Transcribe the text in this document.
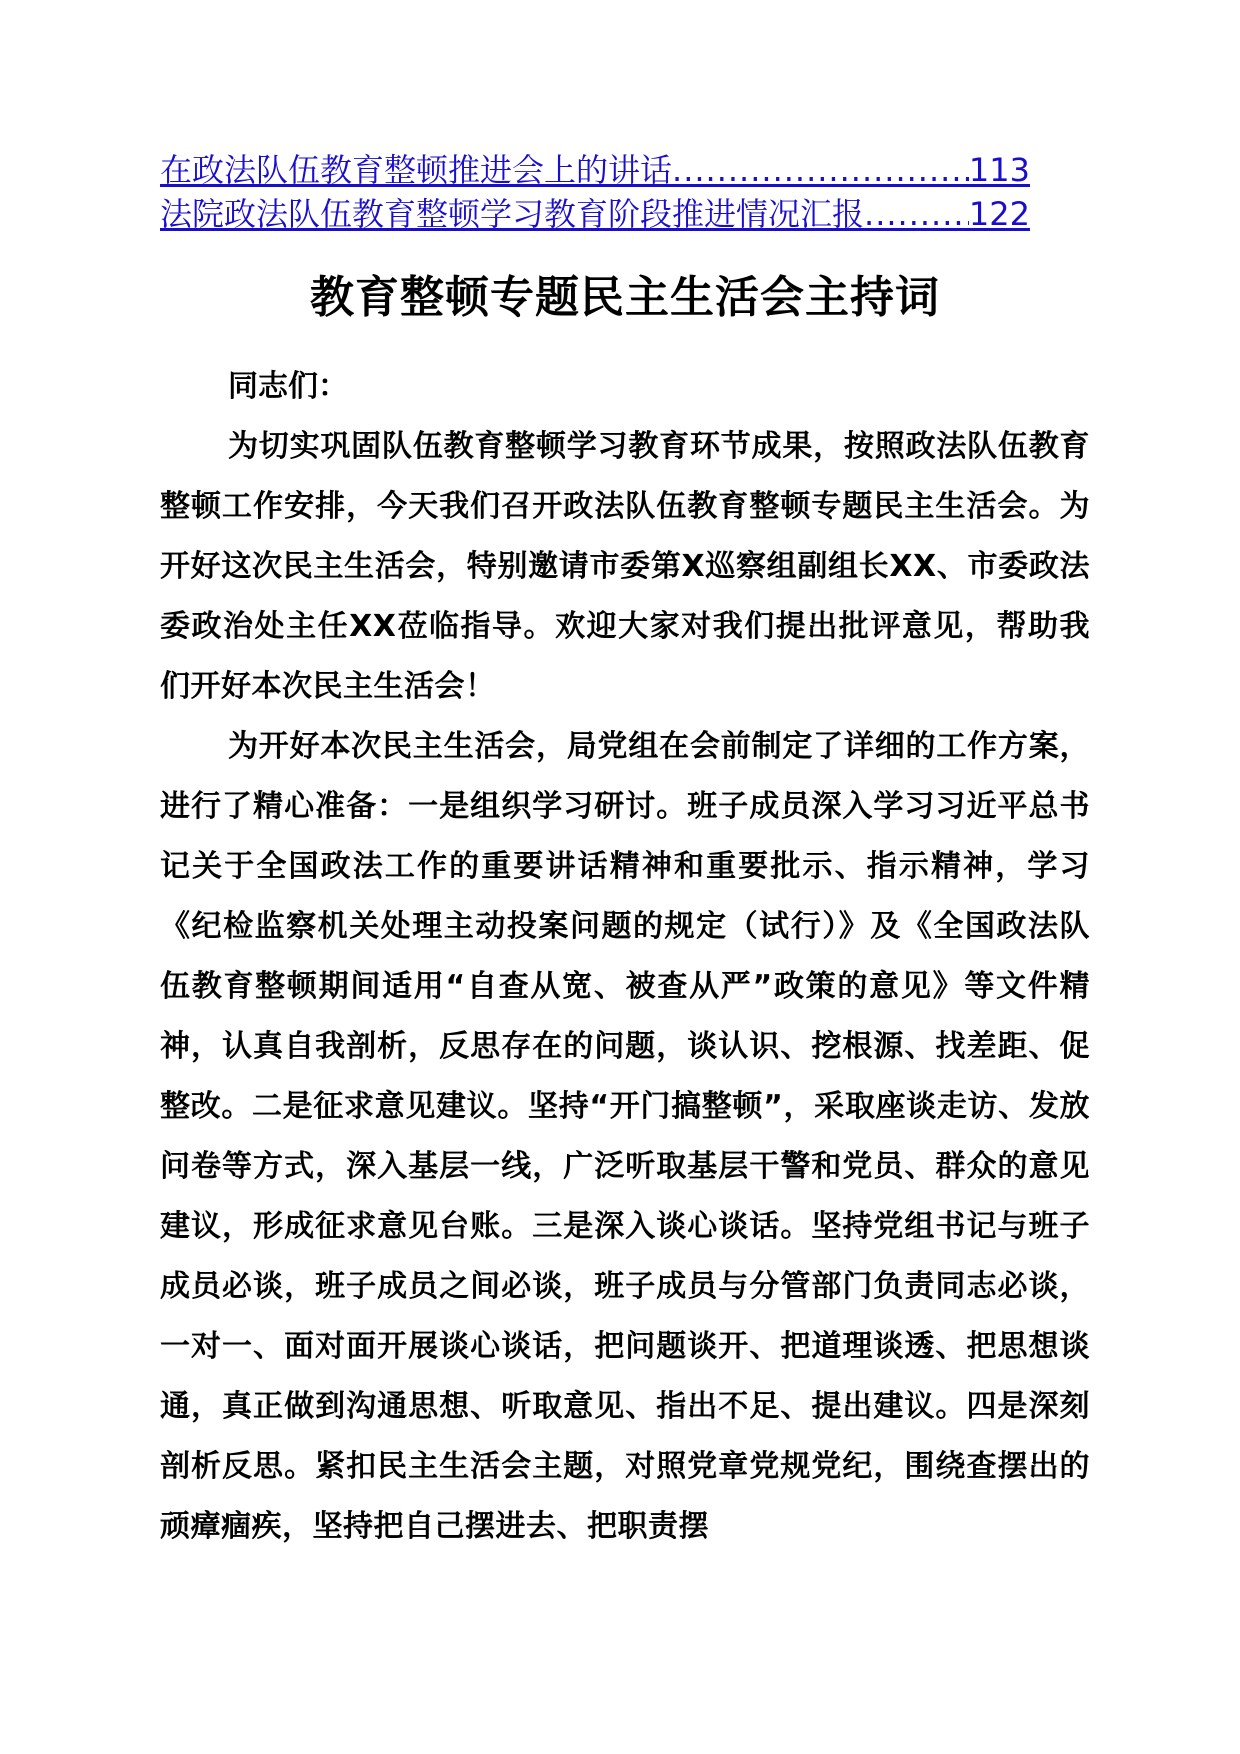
在政法队伍教育整顿推进会上的讲话 .....	113
法院政法队伍教育整顿学习教育阶段推进情况汇报 .....	122
教育整顿专题民主生活会主持词
同志们：

为切实巩固队伍教育整顿学习教育环节成果，按照政法队伍教育整顿工作安排，今天我们召开政法队伍教育整顿专题民主生活会。为开好这次民主生活会，特别邀请市委第X巡察组副组长XX、市委政法委政治处主任XX莅临指导。欢迎大家对我们提出批评意见，帮助我们开好本次民主生活会！

为开好本次民主生活会，局党组在会前制定了详细的工作方案，进行了精心准备：一是组织学习研讨。班子成员深入学习习近平总书记关于全国政法工作的重要讲话精神和重要批示、指示精神，学习《纪检监察机关处理主动投案问题的规定（试行）》及《全国政法队伍教育整顿期间适用“自查从宽、被查从严”政策的意见》等文件精神，认真自我剖析，反思存在的问题，谈认识、挖根源、找差距、促整改。二是征求意见建议。坚持“开门搞整顿”，采取座谈走访、发放问卷等方式，深入基层一线，广泛听取基层干警和党员、群众的意见建议，形成征求意见台账。三是深入谈心谈话。坚持党组书记与班子成员必谈，班子成员之间必谈，班子成员与分管部门负责同志必谈，一对一、面对面开展谈心谈话，把问题谈开、把道理谈透、把思想谈通，真正做到沟通思想、听取意见、指出不足、提出建议。四是深刻剖析反思。紧扣民主生活会主题，对照党章党规党纪，围绕查摆出的顽瘴痼疾，坚持把自己摆进去、把职责摆
